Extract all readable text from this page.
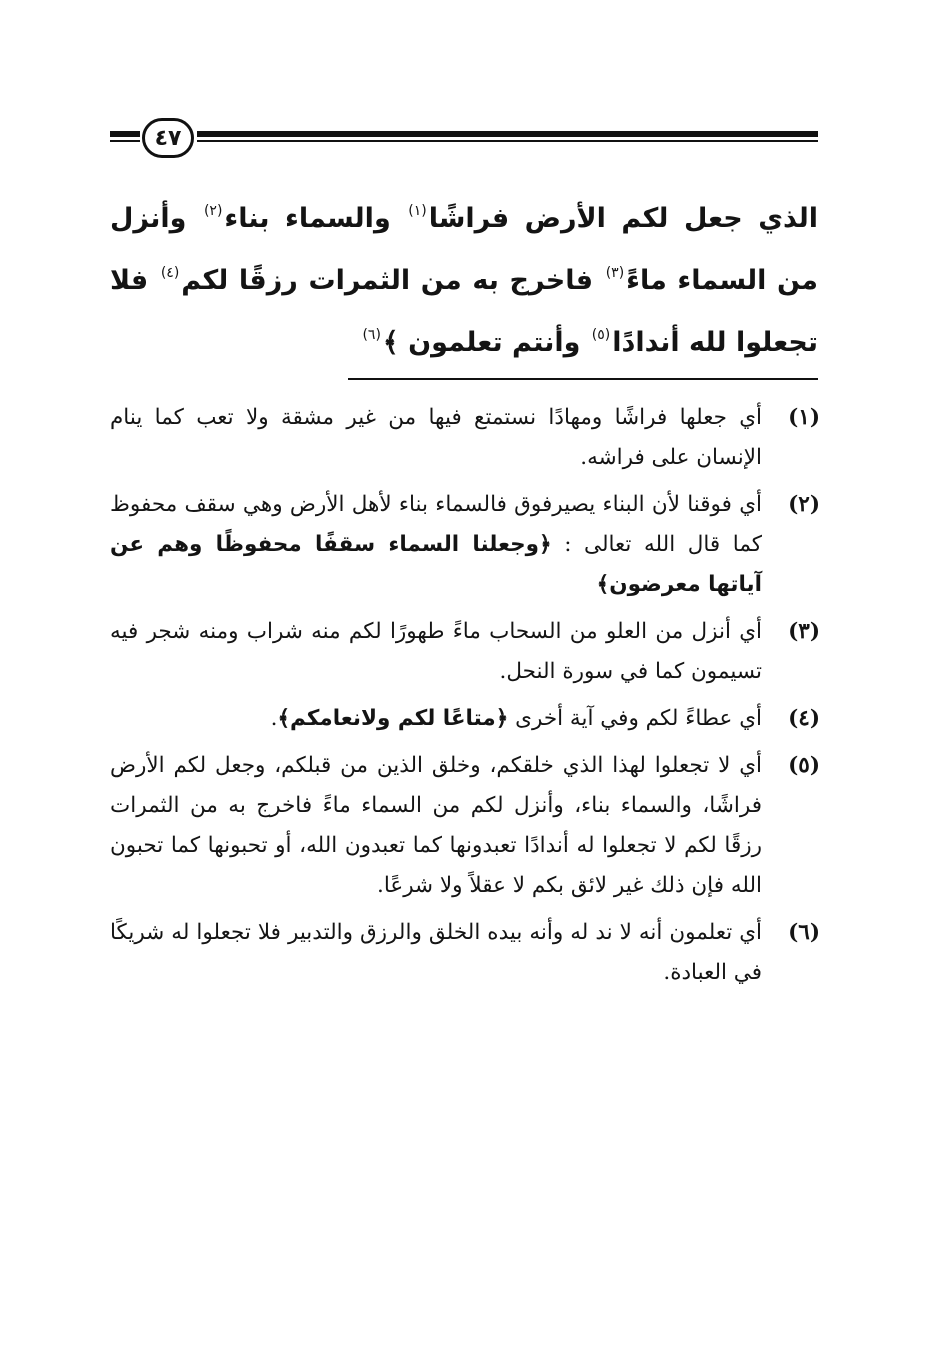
٤٧
الذي جعل لكم الأرض فراشًا$^{(١)}$ والسماء بناء$^{(٢)}$ وأنزل من السماء ماءً$^{(٣)}$ فاخرج به من الثمرات رزقًا لكم$^{(٤)}$ فلا تجعلوا لله أندادًا$^{(٥)}$ وأنتم تعلمون ﴾$^{(٦)}$
(١)
أي جعلها فراشًا ومهادًا نستمتع فيها من غير مشقة ولا تعب كما ينام الإنسان على فراشه.
(٢)
أي فوقنا لأن البناء يصيرفوق فالسماء بناء لأهل الأرض وهي سقف محفوظ كما قال الله تعالى : ﴿وجعلنا السماء سقفًا محفوظًا وهم عن آياتها معرضون﴾
(٣)
أي أنزل من العلو من السحاب ماءً طهورًا لكم منه شراب ومنه شجر فيه تسيمون كما في سورة النحل.
(٤)
أي عطاءً لكم وفي آية أخرى ﴿متاعًا لكم ولانعامكم﴾.
(٥)
أي لا تجعلوا لهذا الذي خلقكم، وخلق الذين من قبلكم، وجعل لكم الأرض فراشًا، والسماء بناء، وأنزل لكم من السماء ماءً فاخرج به من الثمرات رزقًا لكم لا تجعلوا له أندادًا تعبدونها كما تعبدون الله، أو تحبونها كما تحبون الله فإن ذلك غير لائق بكم لا عقلاً ولا شرعًا.
(٦)
أي تعلمون أنه لا ند له وأنه بيده الخلق والرزق والتدبير فلا تجعلوا له شريكًا في العبادة.
